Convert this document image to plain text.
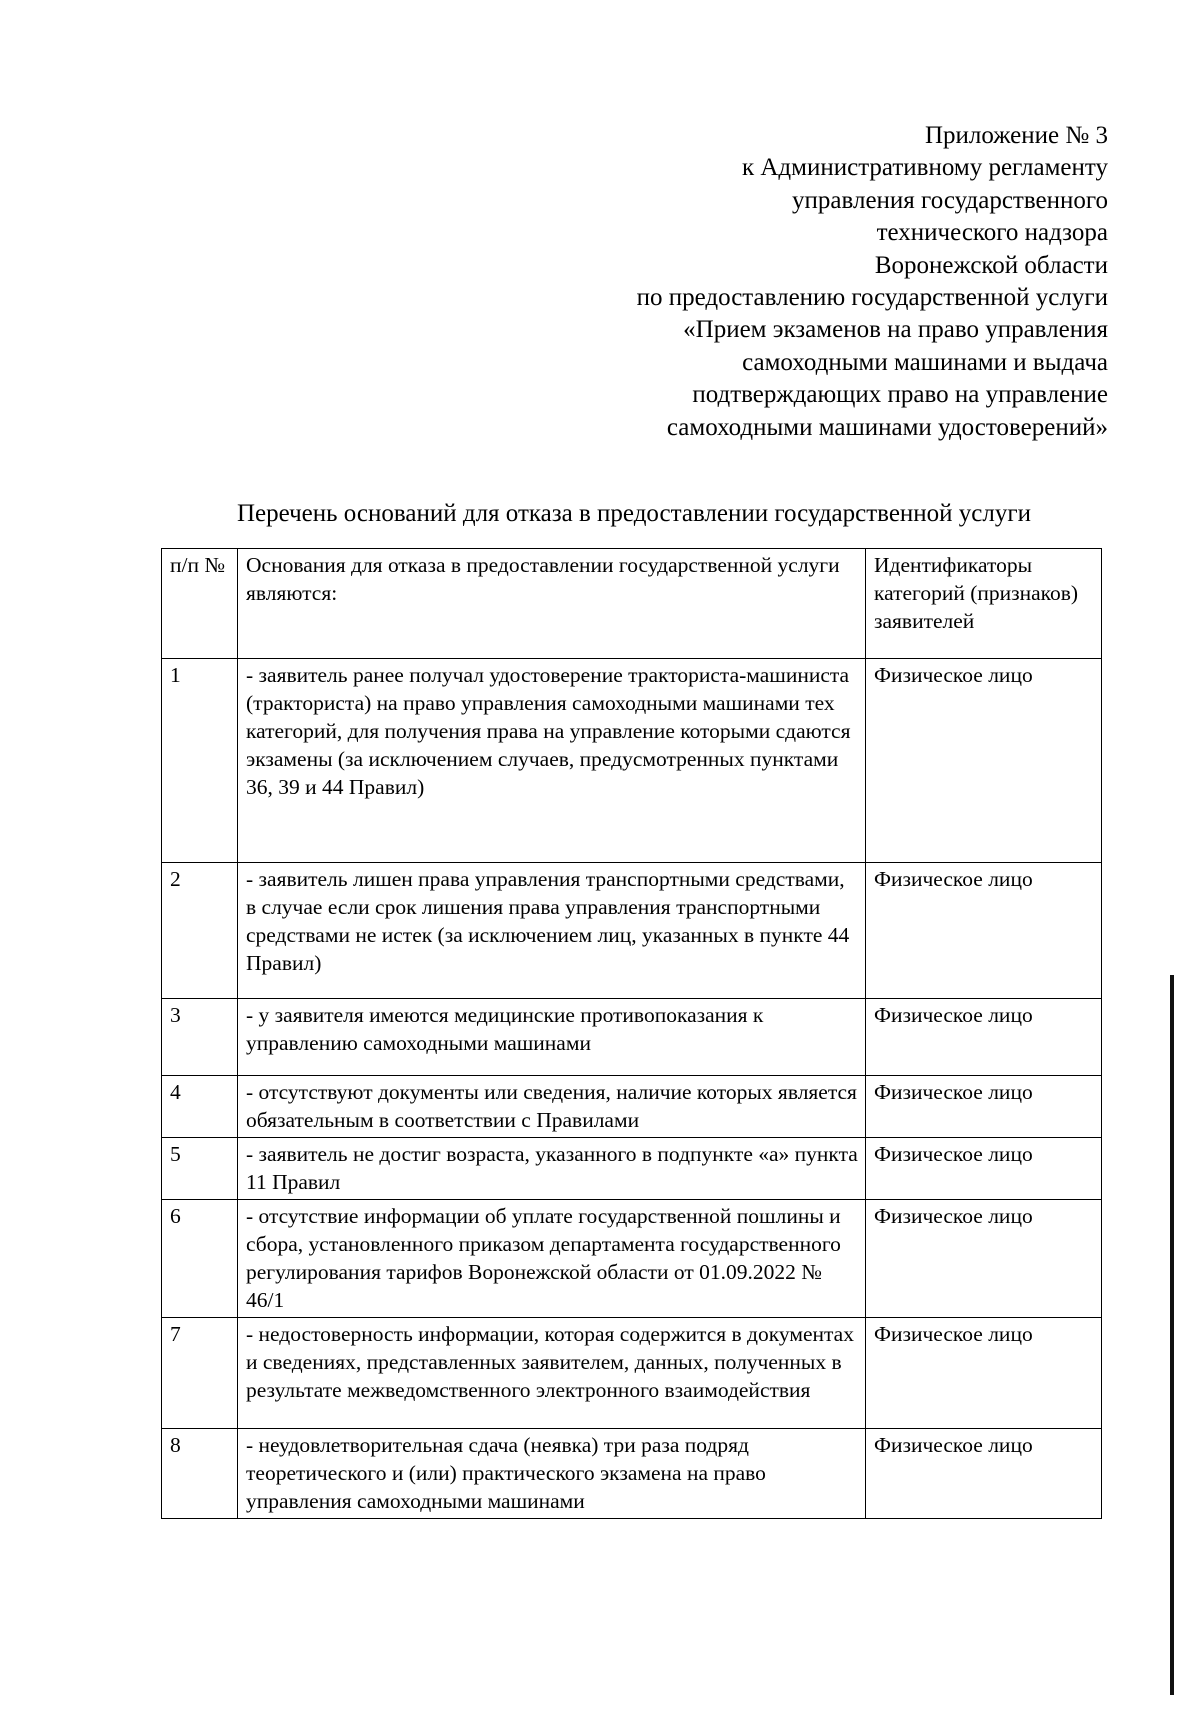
Приложение № 3
к Административному регламенту
управления государственного
технического надзора
Воронежской области
по предоставлению государственной услуги
«Прием экзаменов на право управления
самоходными машинами и выдача
подтверждающих право на управление
самоходными машинами удостоверений»
Перечень оснований для отказа в предоставлении государственной услуги
п/п №	Основания для отказа в предоставлении государственной услуги являются:	Идентификаторы категорий (признаков) заявителей
1	- заявитель ранее получал удостоверение тракториста-машиниста (тракториста) на право управления самоходными машинами тех категорий, для получения права на управление которыми сдаются экзамены (за исключением случаев, предусмотренных пунктами 36, 39 и 44 Правил)	Физическое лицо
2	- заявитель лишен права управления транспортными средствами, в случае если срок лишения права управления транспортными средствами не истек (за исключением лиц, указанных в пункте 44 Правил)	Физическое лицо
3	- у заявителя имеются медицинские противопоказания к управлению самоходными машинами	Физическое лицо
4	- отсутствуют документы или сведения, наличие которых является обязательным в соответствии с Правилами	Физическое лицо
5	- заявитель не достиг возраста, указанного в подпункте «а» пункта 11 Правил	Физическое лицо
6	- отсутствие информации об уплате государственной пошлины и сбора, установленного приказом департамента государственного регулирования тарифов Воронежской области от 01.09.2022 № 46/1	Физическое лицо
7	- недостоверность информации, которая содержится в документах и сведениях, представленных заявителем, данных, полученных в результате межведомственного электронного взаимодействия	Физическое лицо
8	- неудовлетворительная сдача (неявка) три раза подряд теоретического и (или) практического экзамена на право управления самоходными машинами	Физическое лицо
